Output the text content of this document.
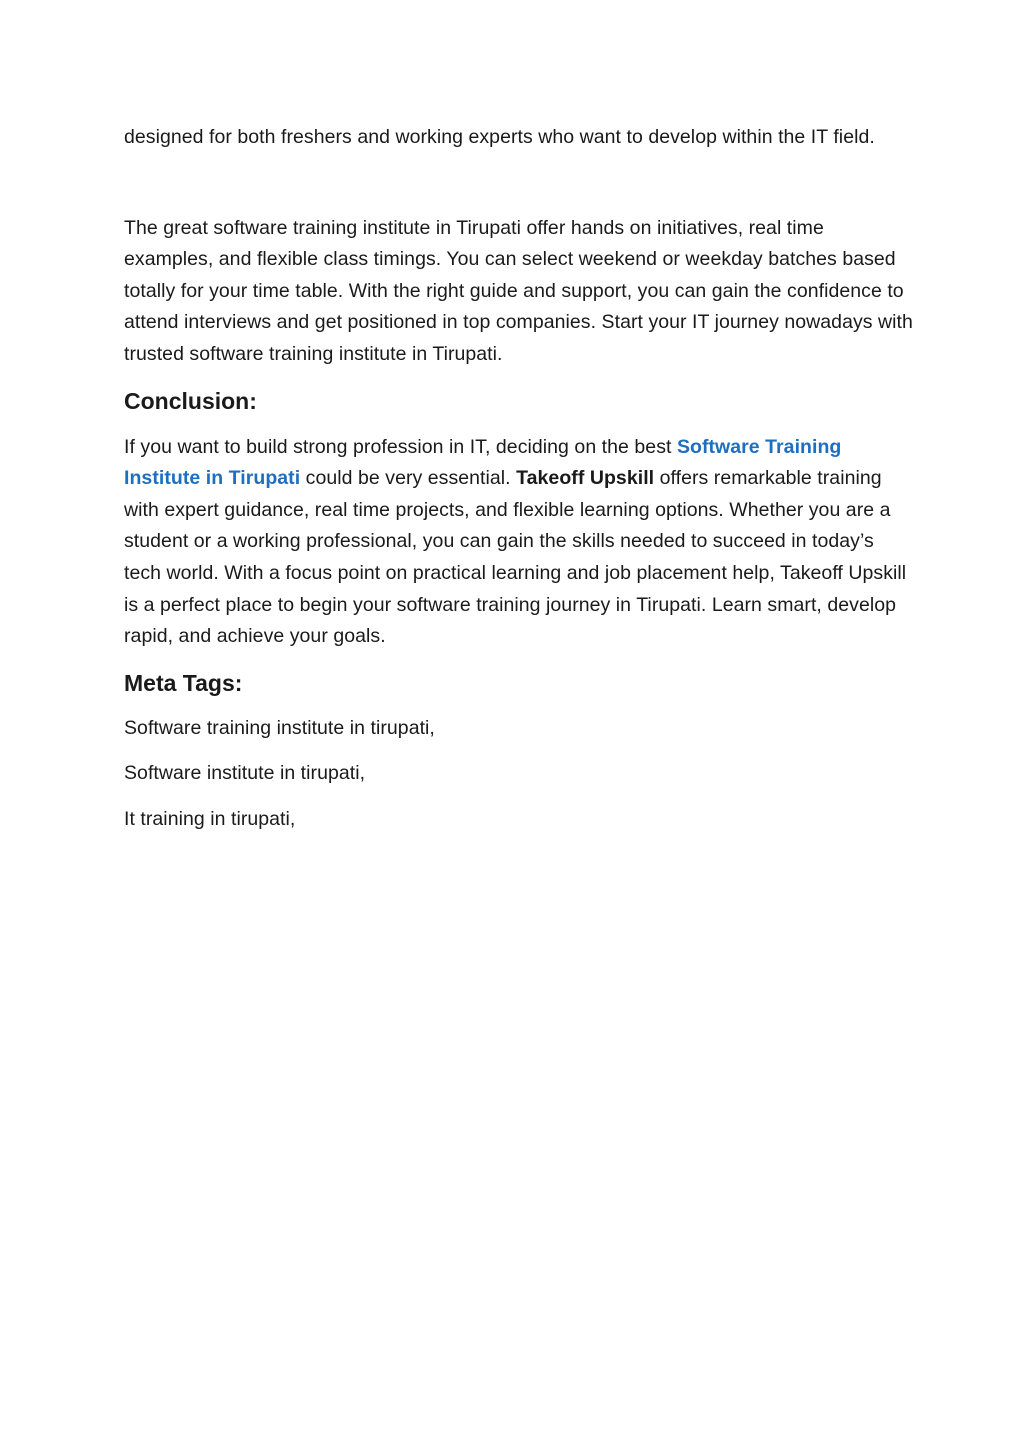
designed for both freshers and working experts who want to develop within the IT field.

The great software training institute in Tirupati offer hands on initiatives, real time examples, and flexible class timings. You can select weekend or weekday batches based totally for your time table. With the right guide and support, you can gain the confidence to attend interviews and get positioned in top companies. Start your IT journey nowadays with trusted software training institute in Tirupati.

Conclusion:

If you want to build strong profession in IT, deciding on the best Software Training Institute in Tirupati could be very essential. Takeoff Upskill offers remarkable training with expert guidance, real time projects, and flexible learning options. Whether you are a student or a working professional, you can gain the skills needed to succeed in today’s tech world. With a focus point on practical learning and job placement help, Takeoff Upskill is a perfect place to begin your software training journey in Tirupati. Learn smart, develop rapid, and achieve your goals.

Meta Tags:

Software training institute in tirupati,

Software institute in tirupati,

It training in tirupati,
